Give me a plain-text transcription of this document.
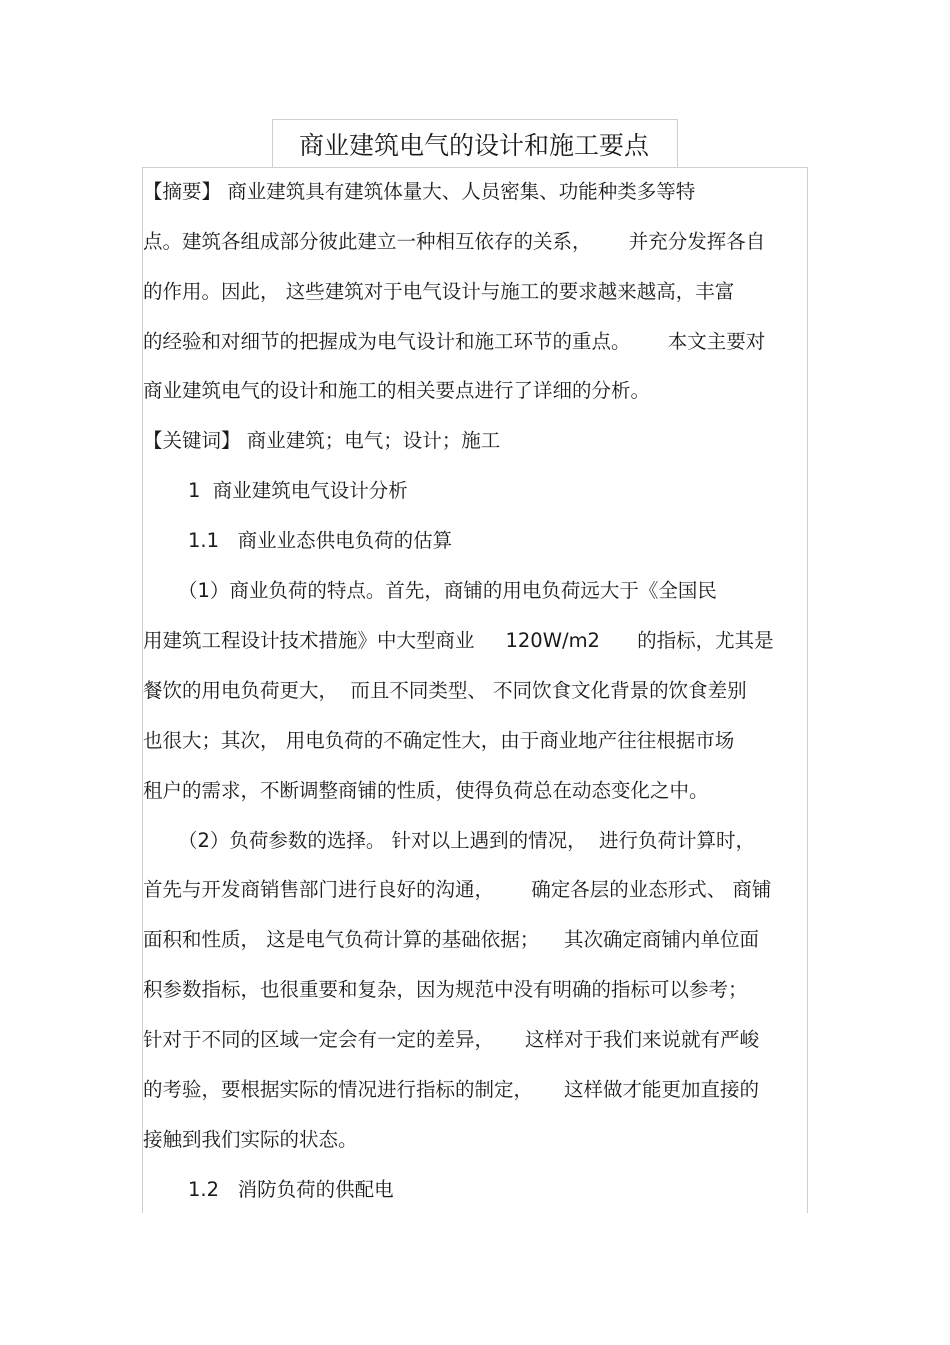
商业建筑电气的设计和施工要点
【摘要】 商业建筑具有建筑体量大、人员密集、功能种类多等特
点。建筑各组成部分彼此建立一种相互依存的关系，      并充分发挥各自
的作用。因此， 这些建筑对于电气设计与施工的要求越来越高，丰富
的经验和对细节的把握成为电气设计和施工环节的重点。      本文主要对
商业建筑电气的设计和施工的相关要点进行了详细的分析。
【关键词】 商业建筑；电气；设计；施工
1  商业建筑电气设计分析
1.1   商业业态供电负荷的估算
（1）商业负荷的特点。首先，商铺的用电负荷远大于《全国民
用建筑工程设计技术措施》中大型商业     120W/m2      的指标，尤其是
餐饮的用电负荷更大，  而且不同类型、 不同饮食文化背景的饮食差别
也很大；其次， 用电负荷的不确定性大，由于商业地产往往根据市场
租户的需求，不断调整商铺的性质，使得负荷总在动态变化之中。
（2）负荷参数的选择。 针对以上遇到的情况，  进行负荷计算时，
首先与开发商销售部门进行良好的沟通，      确定各层的业态形式、 商铺
面积和性质， 这是电气负荷计算的基础依据；    其次确定商铺内单位面
积参数指标，也很重要和复杂，因为规范中没有明确的指标可以参考；
针对于不同的区域一定会有一定的差异，     这样对于我们来说就有严峻
的考验，要根据实际的情况进行指标的制定，     这样做才能更加直接的
接触到我们实际的状态。
1.2   消防负荷的供配电
